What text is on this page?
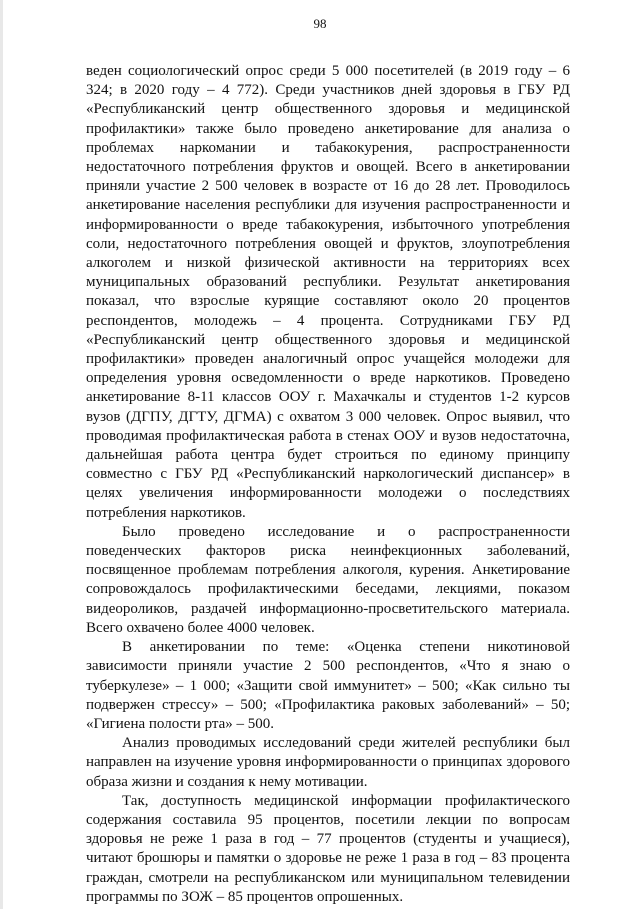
98

веден социологический опрос среди 5 000 посетителей (в 2019 году – 6 324; в 2020 году – 4 772). Среди участников дней здоровья в ГБУ РД «Республиканский центр общественного здоровья и медицинской профилактики» также было проведено анкетирование для анализа о проблемах наркомании и табакокурения, распространенности недостаточного потребления фруктов и овощей. Всего в анкетировании приняли участие 2 500 человек в возрасте от 16 до 28 лет. Проводилось анкетирование населения республики для изучения распространенности и информированности о вреде табакокурения, избыточного употребления соли, недостаточного потребления овощей и фруктов, злоупотребления алкоголем и низкой физической активности на территориях всех муниципальных образований республики. Результат анкетирования показал, что взрослые курящие составляют около 20 процентов респондентов, молодежь – 4 процента. Сотрудниками ГБУ РД «Республиканский центр общественного здоровья и медицинской профилактики» проведен аналогичный опрос учащейся молодежи для определения уровня осведомленности о вреде наркотиков. Проведено анкетирование 8-11 классов ООУ г. Махачкалы и студентов 1-2 курсов вузов (ДГПУ, ДГТУ, ДГМА) с охватом 3 000 человек. Опрос выявил, что проводимая профилактическая работа в стенах ООУ и вузов недостаточна, дальнейшая работа центра будет строиться по единому принципу совместно с ГБУ РД «Республиканский наркологический диспансер» в целях увеличения информированности молодежи о последствиях потребления наркотиков.

Было проведено исследование и о распространенности поведенческих факторов риска неинфекционных заболеваний, посвященное проблемам потребления алкоголя, курения. Анкетирование сопровождалось профилактическими беседами, лекциями, показом видеороликов, раздачей информационно-просветительского материала. Всего охвачено более 4000 человек.

В анкетировании по теме: «Оценка степени никотиновой зависимости приняли участие 2 500 респондентов, «Что я знаю о туберкулезе» – 1 000; «Защити свой иммунитет» – 500; «Как сильно ты подвержен стрессу» – 500; «Профилактика раковых заболеваний» – 50; «Гигиена полости рта» – 500.

Анализ проводимых исследований среди жителей республики был направлен на изучение уровня информированности о принципах здорового образа жизни и создания к нему мотивации.

Так, доступность медицинской информации профилактического содержания составила 95 процентов, посетили лекции по вопросам здоровья не реже 1 раза в год – 77 процентов (студенты и учащиеся), читают брошюры и памятки о здоровье не реже 1 раза в год – 83 процента граждан, смотрели на республиканском или муниципальном телевидении программы по ЗОЖ – 85 процентов опрошенных.
